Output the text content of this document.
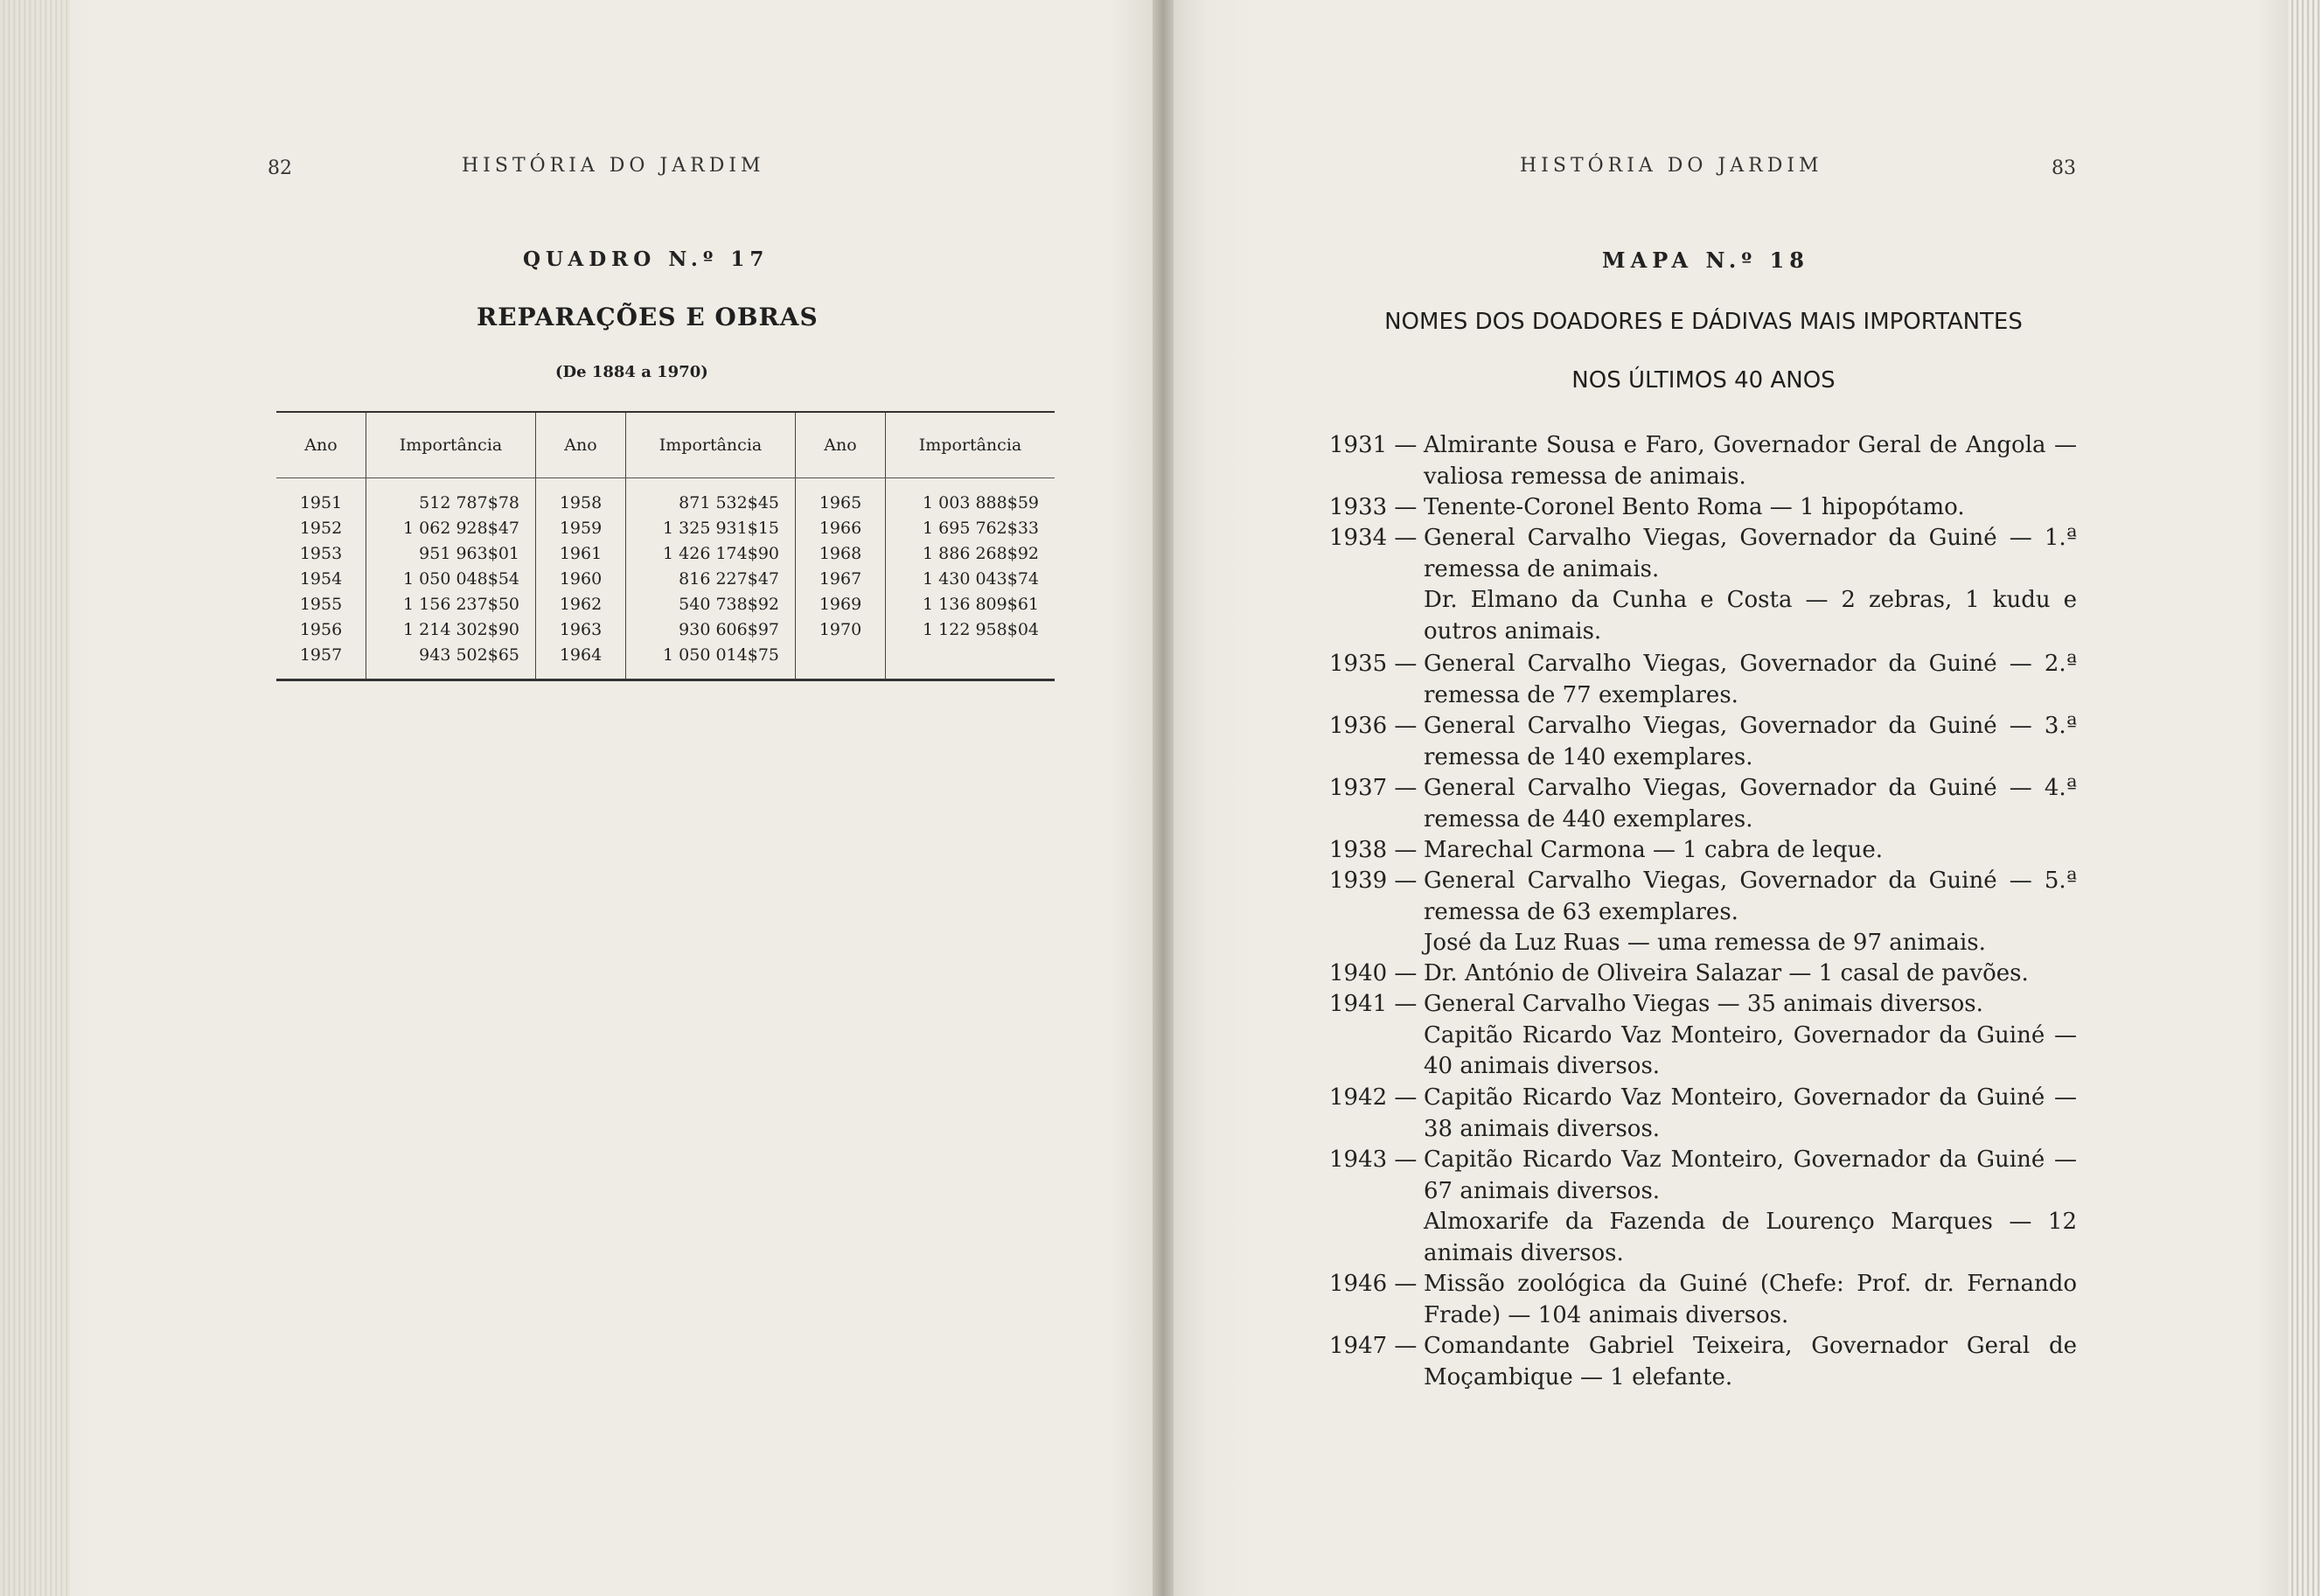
82	HISTÓRIA DO JARDIM
QUADRO N.º 17
REPARAÇÕES E OBRAS
(De 1884 a 1970)
Ano	Importância	Ano	Importância	Ano	Importância
1951	512 787$78	1958	871 532$45	1965	1 003 888$59
1952	1 062 928$47	1959	1 325 931$15	1966	1 695 762$33
1953	951 963$01	1961	1 426 174$90	1968	1 886 268$92
1954	1 050 048$54	1960	816 227$47	1967	1 430 043$74
1955	1 156 237$50	1962	540 738$92	1969	1 136 809$61
1956	1 214 302$90	1963	930 606$97	1970	1 122 958$04
1957	943 502$65	1964	1 050 014$75		
HISTÓRIA DO JARDIM	83
MAPA N.º 18
NOMES DOS DOADORES E DÁDIVAS MAIS IMPORTANTES
NOS ÚLTIMOS 40 ANOS
1931 — Almirante Sousa e Faro, Governador Geral de Angola — valiosa remessa de animais.
1933 — Tenente-Coronel Bento Roma — 1 hipopótamo.
1934 — General Carvalho Viegas, Governador da Guiné — 1.ª remessa de animais.
Dr. Elmano da Cunha e Costa — 2 zebras, 1 kudu e outros animais.
1935 — General Carvalho Viegas, Governador da Guiné — 2.ª remessa de 77 exemplares.
1936 — General Carvalho Viegas, Governador da Guiné — 3.ª remessa de 140 exemplares.
1937 — General Carvalho Viegas, Governador da Guiné — 4.ª remessa de 440 exemplares.
1938 — Marechal Carmona — 1 cabra de leque.
1939 — General Carvalho Viegas, Governador da Guiné — 5.ª remessa de 63 exemplares.
José da Luz Ruas — uma remessa de 97 animais.
1940 — Dr. António de Oliveira Salazar — 1 casal de pavões.
1941 — General Carvalho Viegas — 35 animais diversos.
Capitão Ricardo Vaz Monteiro, Governador da Guiné — 40 animais diversos.
1942 — Capitão Ricardo Vaz Monteiro, Governador da Guiné — 38 animais diversos.
1943 — Capitão Ricardo Vaz Monteiro, Governador da Guiné — 67 animais diversos.
Almoxarife da Fazenda de Lourenço Marques — 12 animais diversos.
1946 — Missão zoológica da Guiné (Chefe: Prof. dr. Fernando Frade) — 104 animais diversos.
1947 — Comandante Gabriel Teixeira, Governador Geral de Moçambique — 1 elefante.
